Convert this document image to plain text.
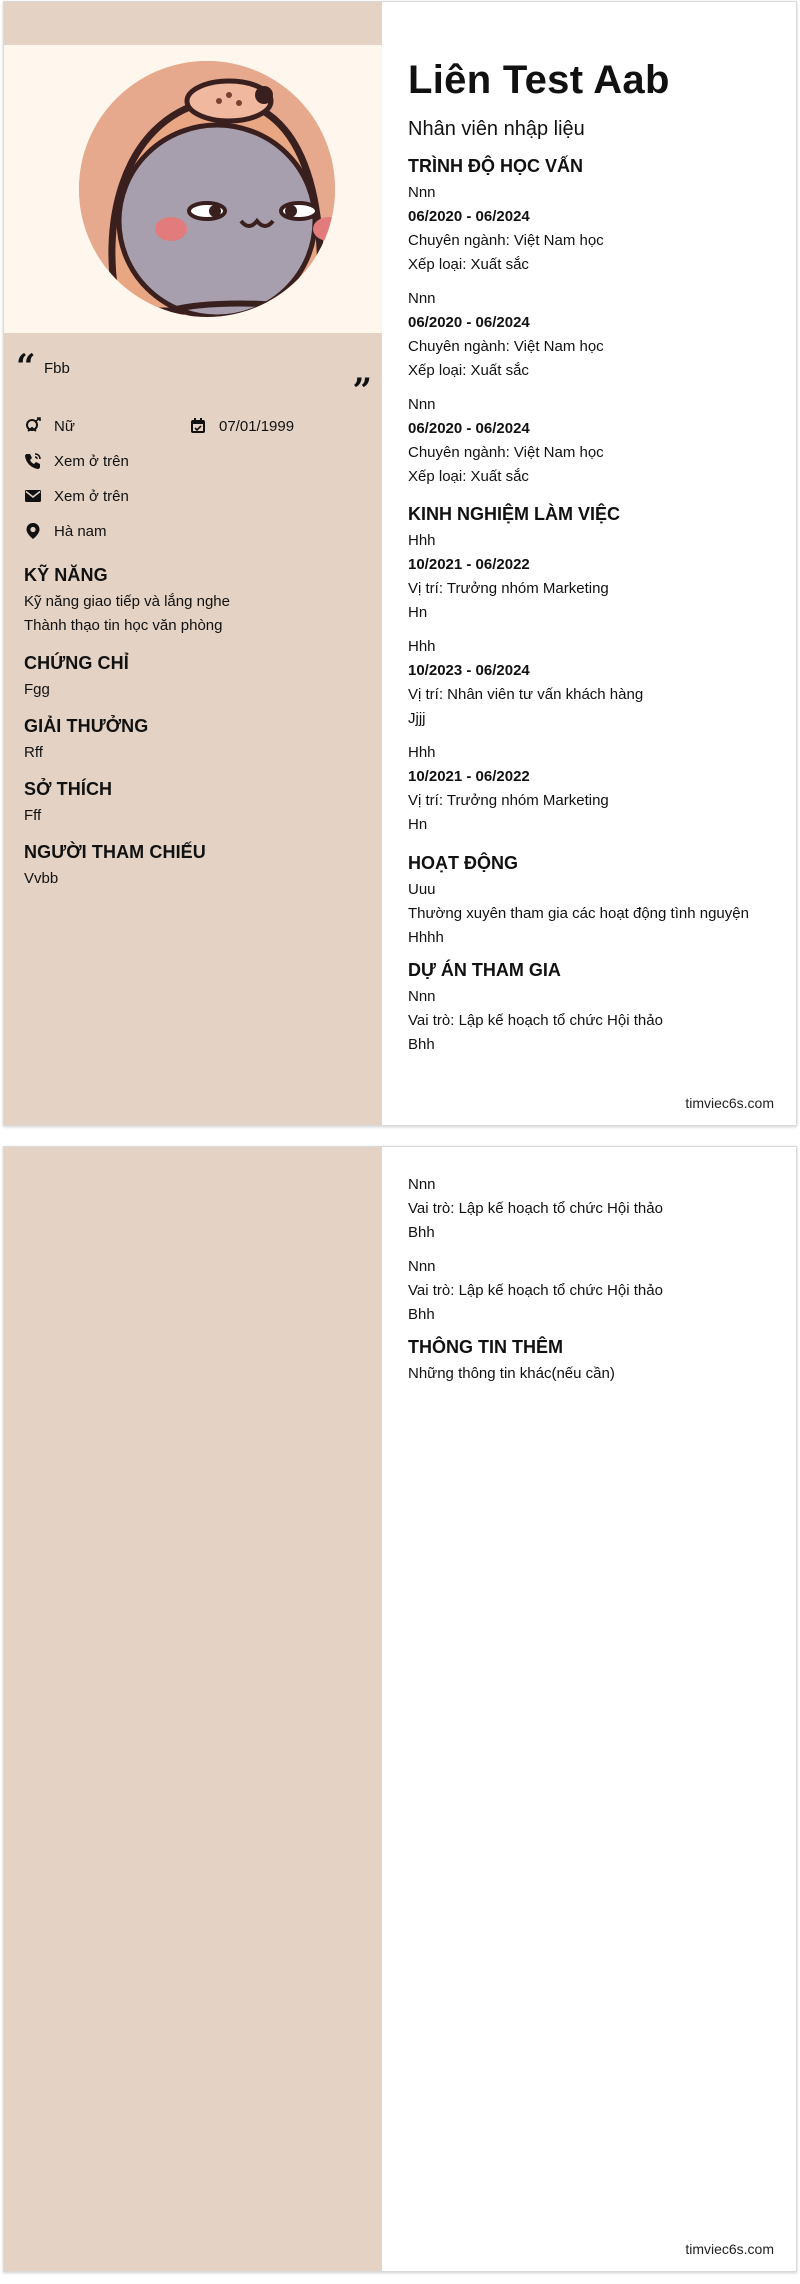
“ Fbb
”
Nữ	07/01/1999
Xem ở trên
Xem ở trên
Hà nam
KỸ NĂNG
Kỹ năng giao tiếp và lắng nghe
Thành thạo tin học văn phòng
CHỨNG CHỈ
Fgg
GIẢI THƯỞNG
Rff
SỞ THÍCH
Fff
NGƯỜI THAM CHIẾU
Vvbb
Liên Test Aab
Nhân viên nhập liệu
TRÌNH ĐỘ HỌC VẤN
Nnn
06/2020 - 06/2024
Chuyên ngành: Việt Nam học
Xếp loại: Xuất sắc
Nnn
06/2020 - 06/2024
Chuyên ngành: Việt Nam học
Xếp loại: Xuất sắc
Nnn
06/2020 - 06/2024
Chuyên ngành: Việt Nam học
Xếp loại: Xuất sắc
KINH NGHIỆM LÀM VIỆC
Hhh
10/2021 - 06/2022
Vị trí: Trưởng nhóm Marketing
Hn
Hhh
10/2023 - 06/2024
Vị trí: Nhân viên tư vấn khách hàng
Jjjj
Hhh
10/2021 - 06/2022
Vị trí: Trưởng nhóm Marketing
Hn
HOẠT ĐỘNG
Uuu
Thường xuyên tham gia các hoạt động tình nguyện
Hhhh
DỰ ÁN THAM GIA
Nnn
Vai trò: Lập kế hoạch tổ chức Hội thảo
Bhh
timviec6s.com
Nnn
Vai trò: Lập kế hoạch tổ chức Hội thảo
Bhh
Nnn
Vai trò: Lập kế hoạch tổ chức Hội thảo
Bhh
THÔNG TIN THÊM
Những thông tin khác(nếu cần)
timviec6s.com
